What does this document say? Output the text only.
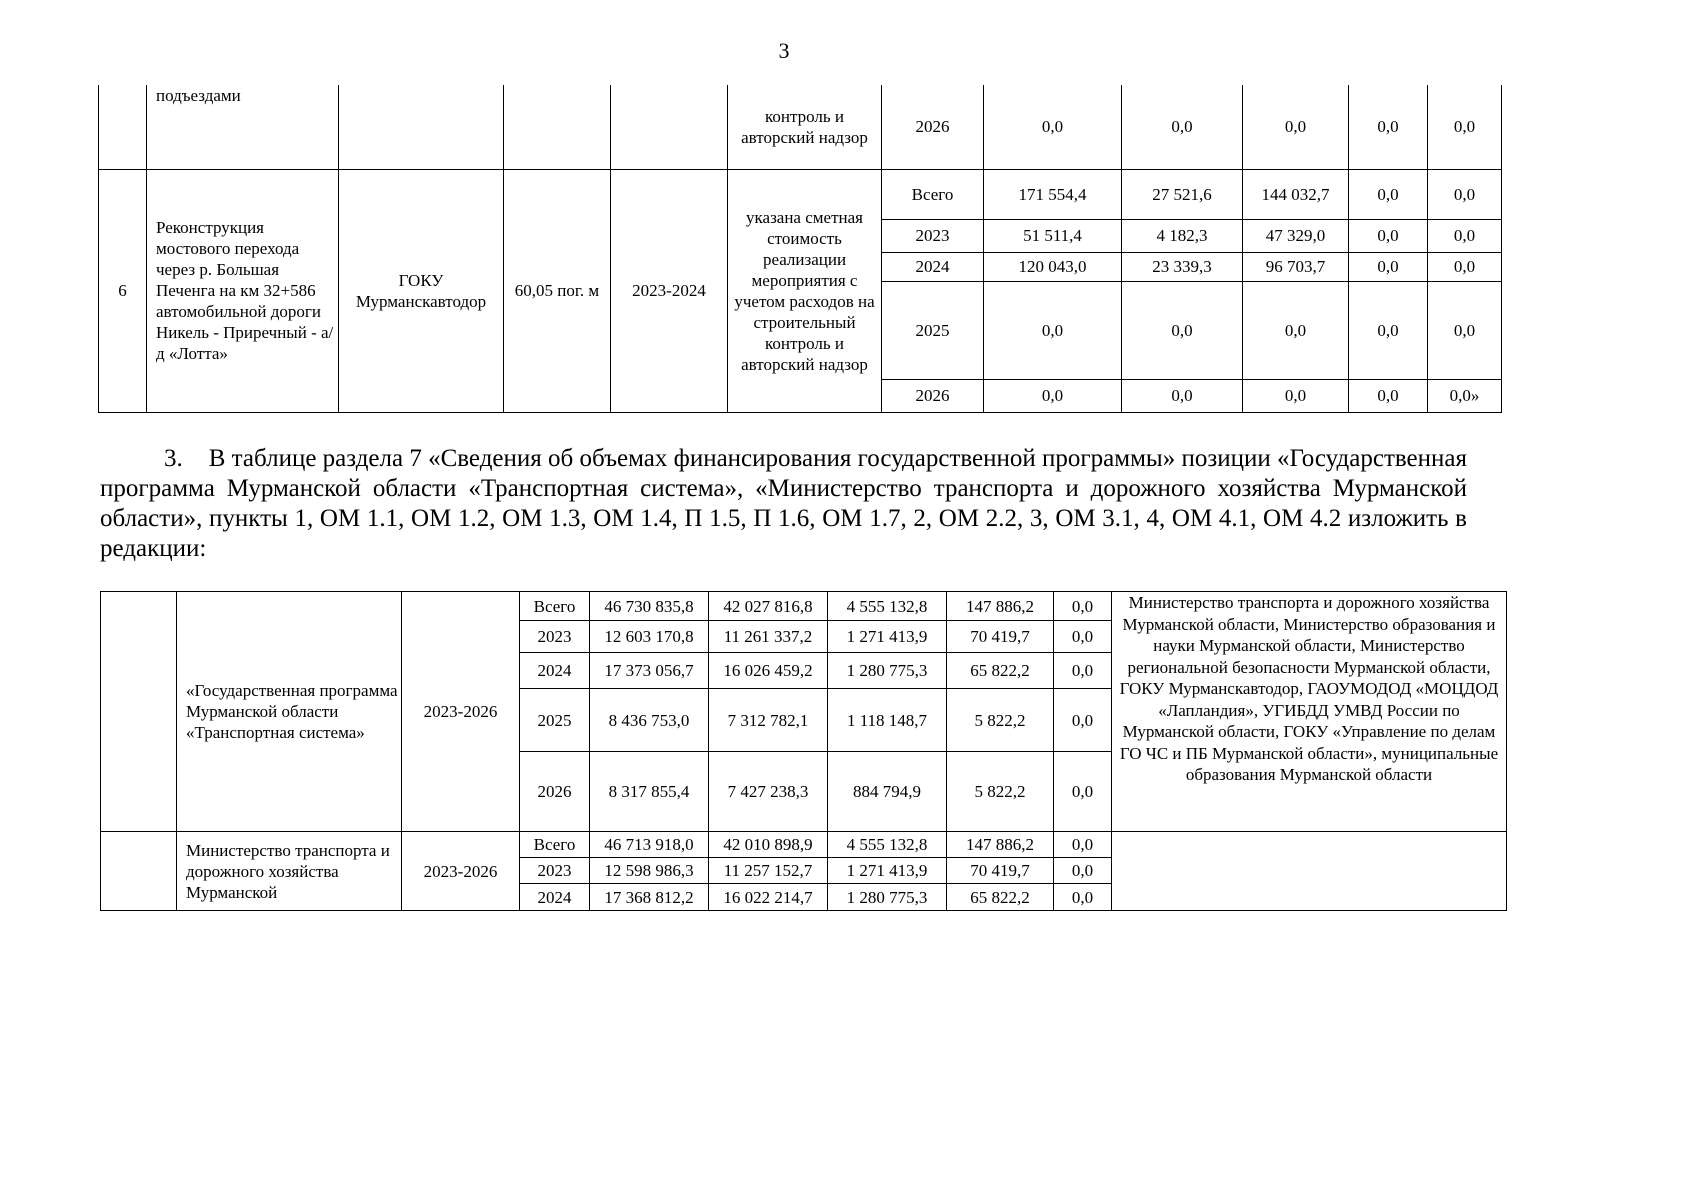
3
	подъездами				контроль и авторский надзор	2026	0,0	0,0	0,0	0,0	0,0
6	Реконструкция мостового перехода через р. Большая Печенга на км 32+586 автомобильной дороги Никель - Приречный - а/д «Лотта»	ГОКУ Мурманскавтодор	60,05 пог. м	2023-2024	указана сметная стоимость реализации мероприятия с учетом расходов на строительный контроль и авторский надзор	Всего	171 554,4	27 521,6	144 032,7	0,0	0,0
						2023	51 511,4	4 182,3	47 329,0	0,0	0,0
						2024	120 043,0	23 339,3	96 703,7	0,0	0,0
						2025	0,0	0,0	0,0	0,0	0,0
						2026	0,0	0,0	0,0	0,0	0,0»
3. В таблице раздела 7 «Сведения об объемах финансирования государственной программы» позиции «Государственная программа Мурманской области «Транспортная система», «Министерство транспорта и дорожного хозяйства Мурманской области», пункты 1, ОМ 1.1, ОМ 1.2, ОМ 1.3, ОМ 1.4, П 1.5, П 1.6, ОМ 1.7, 2, ОМ 2.2, 3, ОМ 3.1, 4, ОМ 4.1, ОМ 4.2 изложить в редакции:
	«Государственная программа Мурманской области «Транспортная система»	2023-2026	Всего	46 730 835,8	42 027 816,8	4 555 132,8	147 886,2	0,0	Министерство транспорта и дорожного хозяйства Мурманской области, Министерство образования и науки Мурманской области, Министерство региональной безопасности Мурманской области, ГОКУ Мурманскавтодор, ГАОУМОДОД «МОЦДОД «Лапландия», УГИБДД УМВД России по Мурманской области, ГОКУ «Управление по делам ГО ЧС и ПБ Мурманской области», муниципальные образования Мурманской области
			2023	12 603 170,8	11 261 337,2	1 271 413,9	70 419,7	0,0	
			2024	17 373 056,7	16 026 459,2	1 280 775,3	65 822,2	0,0	
			2025	8 436 753,0	7 312 782,1	1 118 148,7	5 822,2	0,0	
			2026	8 317 855,4	7 427 238,3	884 794,9	5 822,2	0,0	
	Министерство транспорта и дорожного хозяйства Мурманской	2023-2026	Всего	46 713 918,0	42 010 898,9	4 555 132,8	147 886,2	0,0	
			2023	12 598 986,3	11 257 152,7	1 271 413,9	70 419,7	0,0	
			2024	17 368 812,2	16 022 214,7	1 280 775,3	65 822,2	0,0	
